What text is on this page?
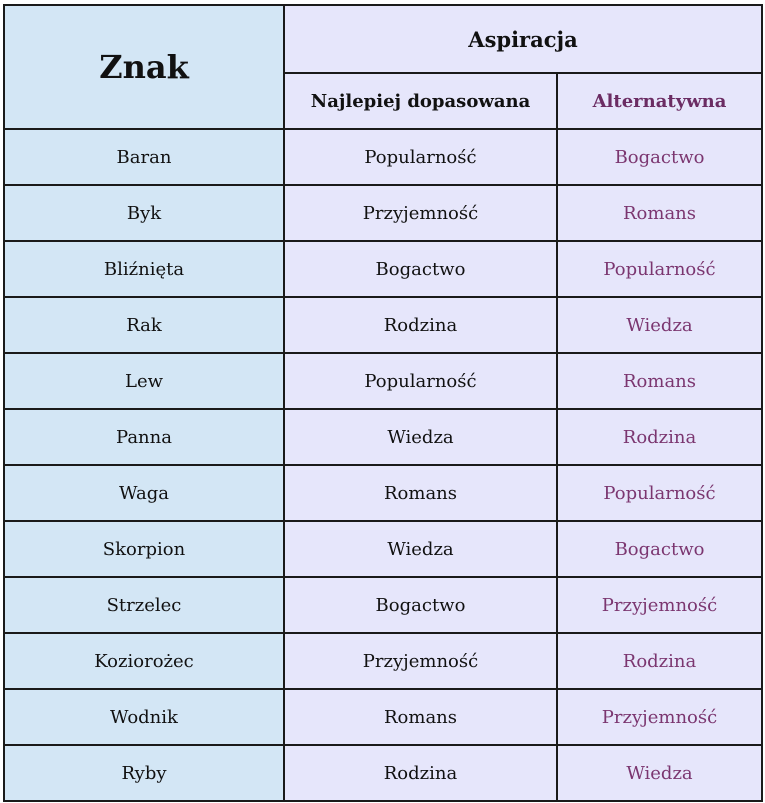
Znak	Aspiracja	
	Najlepiej dopasowana	Alternatywna
Baran	Popularność	Bogactwo
Byk	Przyjemność	Romans
Bliźnięta	Bogactwo	Popularność
Rak	Rodzina	Wiedza
Lew	Popularność	Romans
Panna	Wiedza	Rodzina
Waga	Romans	Popularność
Skorpion	Wiedza	Bogactwo
Strzelec	Bogactwo	Przyjemność
Koziorożec	Przyjemność	Rodzina
Wodnik	Romans	Przyjemność
Ryby	Rodzina	Wiedza
